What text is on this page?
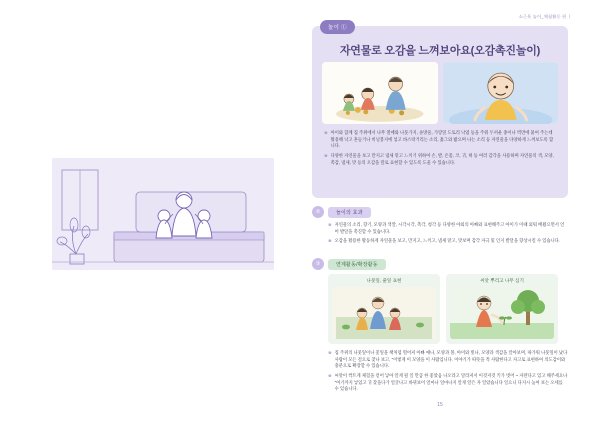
소근육 놀이_체험활동 편 ㅣ
놀이 ①
자연물로 오감을 느껴보아요(오감촉진놀이)
※ 아이와 함께 집 주위에서 나무 열매와 나뭇가지, 솔방울, 가랑잎 도토리 낙엽 등을 주워 두꺼운 종이나 벽면에 붙여 주는데 활용해 낙고 흔들거나 비닐봉지에 넣고 바스락거리는 소리, 흙그와 밟으며 나는 소리 등 자연물을 다양하게 느껴보도록 합니다.
※ 다양한 자연물을 보고 만지고 냄새 맡고 느끼기 위하여 손, 발, 온몸, 코, 귀, 혀 등 여러 감각을 사용하며 자연물의 색, 모양, 촉감, 냄새, 맛 등의 오감을 말로 표현할 수 있도록 도울 수 있습니다.
②	놀이의 효과
※ 자연물의 소리, 향기, 모양과 색깔, 시각시각, 촉각, 청각 등 다양한 야외의 아빠와 표현해주고 아이가 이때 외워 배웠으면서 언어 발달을 촉진할 수 있습니다.
※ 오감을 활용한 활동하게 자연물을 보고, 만지고, 느끼고, 냄새 맡고, 맛보며 감각 자극 및 인지 발달을 향상시킬 수 있습니다.
③	연계활동/확장활동
나뭇잎, 줄잎 표현	씨앗 뿌리고 나무 심기
※ 집 주위의 나뭇잎이나 꽃잎을 책처럼 떨어져 아빠 얘나, 모양과 볼, 아이와 빛나, 모양과 색감을 알아보며, 따가워 나뭇잎이 났다 사람이 모든 걸으로 찾나 보고, "이렇게 이 모양을 이 사람입니다. 이야기가 따뜻을 적 사람한다고 자고로 표현하여 의도감이와 충분으로 확장할 수 있습니다.
※ 씨앗이 싹트게 체험을 얻어 낳아 알게 될 일 만큼 한 좋았음 나오라고 달라져서 이것저것 키가 벗어 ~ 자란다고 있고 해주세요나 "여기까지 넣었고 귀 찾을다가 얼굴나고 바뀌보이 얼마나 얼마나지 알게 알은 자 알았습니다 일으니 다지시 높여 보는 오세를 수 있습니다.
15
